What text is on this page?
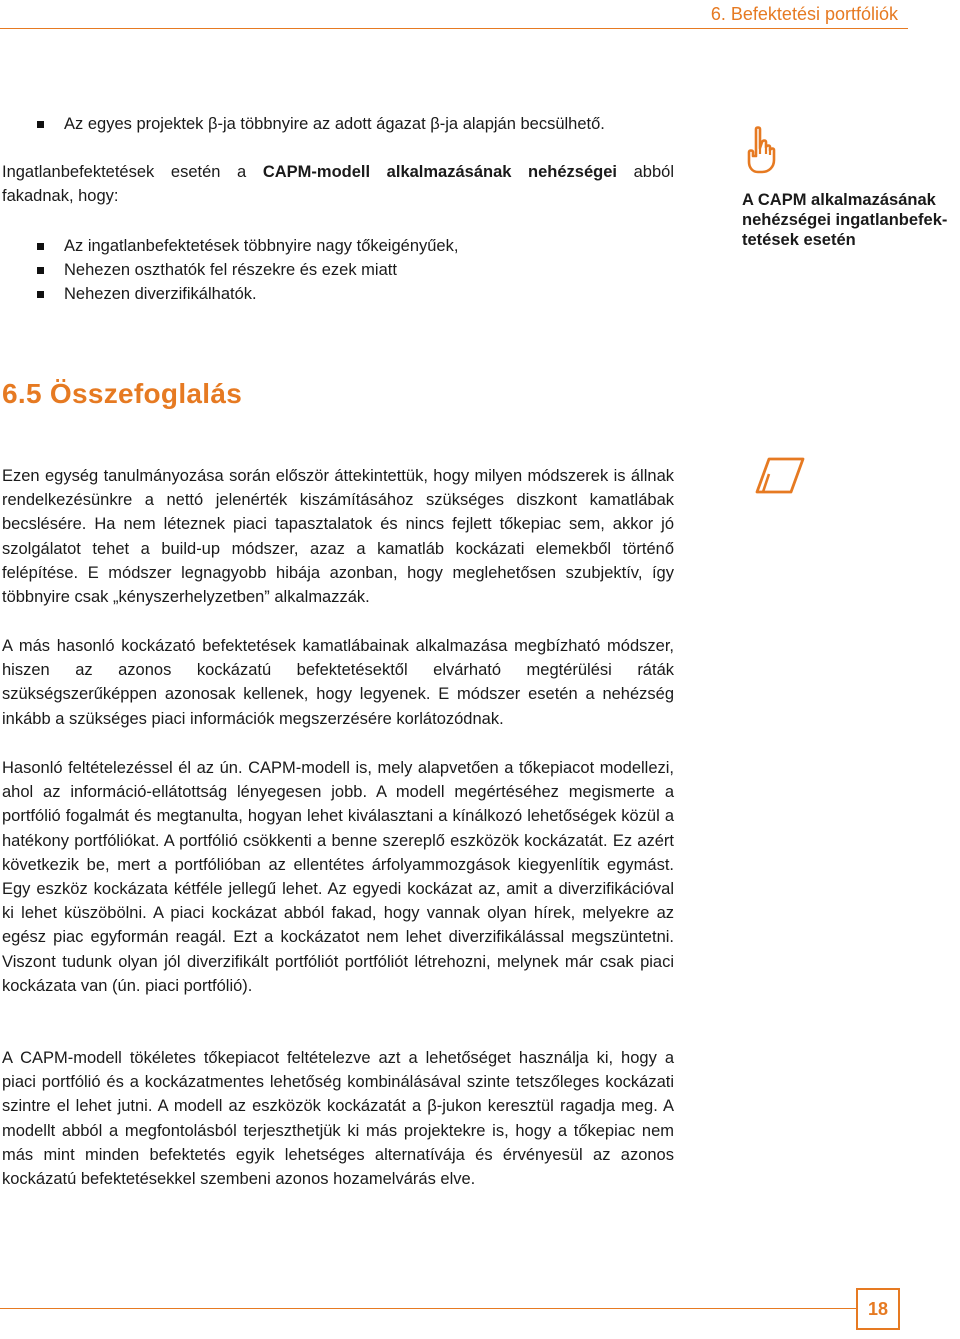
6. Befektetési portfóliók
Az egyes projektek β-ja többnyire az adott ágazat β-ja alapján becsülhető.
Ingatlanbefektetések esetén a CAPM-modell alkalmazásának nehézségei abból fakadnak, hogy:
Az ingatlanbefektetések többnyire nagy tőkeigényűek,
Nehezen oszthatók fel részekre és ezek miatt
Nehezen diverzifikálhatók.
A CAPM alkalmazásának nehézségei ingatlanbefek-tetések esetén
6.5 Összefoglalás
Ezen egység tanulmányozása során először áttekintettük, hogy milyen módszerek is állnak rendelkezésünkre a nettó jelenérték kiszámításához szükséges diszkont kamatlábak becslésére. Ha nem léteznek piaci tapasztalatok és nincs fejlett tőkepiac sem, akkor jó szolgálatot tehet a build-up módszer, azaz a kamatláb kockázati elemekből történő felépítése. E módszer legnagyobb hibája azonban, hogy meglehetősen szubjektív, így többnyire csak „kényszerhelyzetben” alkalmazzák.
A más hasonló kockázató befektetések kamatlábainak alkalmazása megbízható módszer, hiszen az azonos kockázatú befektetésektől elvárható megtérülési ráták szükségszerűképpen azonosak kellenek, hogy legyenek. E módszer esetén a nehézség inkább a szükséges piaci információk megszerzésére korlátozódnak.
Hasonló feltételezéssel él az ún. CAPM-modell is, mely alapvetően a tőkepiacot modellezi, ahol az információ-ellátottság lényegesen jobb. A modell megértéséhez megismerte a portfólió fogalmát és megtanulta, hogyan lehet kiválasztani a kínálkozó lehetőségek közül a hatékony portfóliókat. A portfólió csökkenti a benne szereplő eszközök kockázatát. Ez azért következik be, mert a portfólióban az ellentétes árfolyammozgások kiegyenlítik egymást. Egy eszköz kockázata kétféle jellegű lehet. Az egyedi kockázat az, amit a diverzifikációval ki lehet küszöbölni. A piaci kockázat abból fakad, hogy vannak olyan hírek, melyekre az egész piac egyformán reagál. Ezt a kockázatot nem lehet diverzifikálással megszüntetni. Viszont tudunk olyan jól diverzifikált portfóliót portfóliót létrehozni, melynek már csak piaci kockázata van (ún. piaci portfólió).
A CAPM-modell tökéletes tőkepiacot feltételezve azt a lehetőséget használja ki, hogy a piaci portfólió és a kockázatmentes lehetőség kombinálásával szinte tetszőleges kockázati szintre el lehet jutni. A modell az eszközök kockázatát a β-jukon keresztül ragadja meg. A modellt abból a megfontolásból terjeszthetjük ki más projektekre is, hogy a tőkepiac nem más mint minden befektetés egyik lehetséges alternatívája és érvényesül az azonos kockázatú befektetésekkel szembeni azonos hozamelvárás elve.
18
